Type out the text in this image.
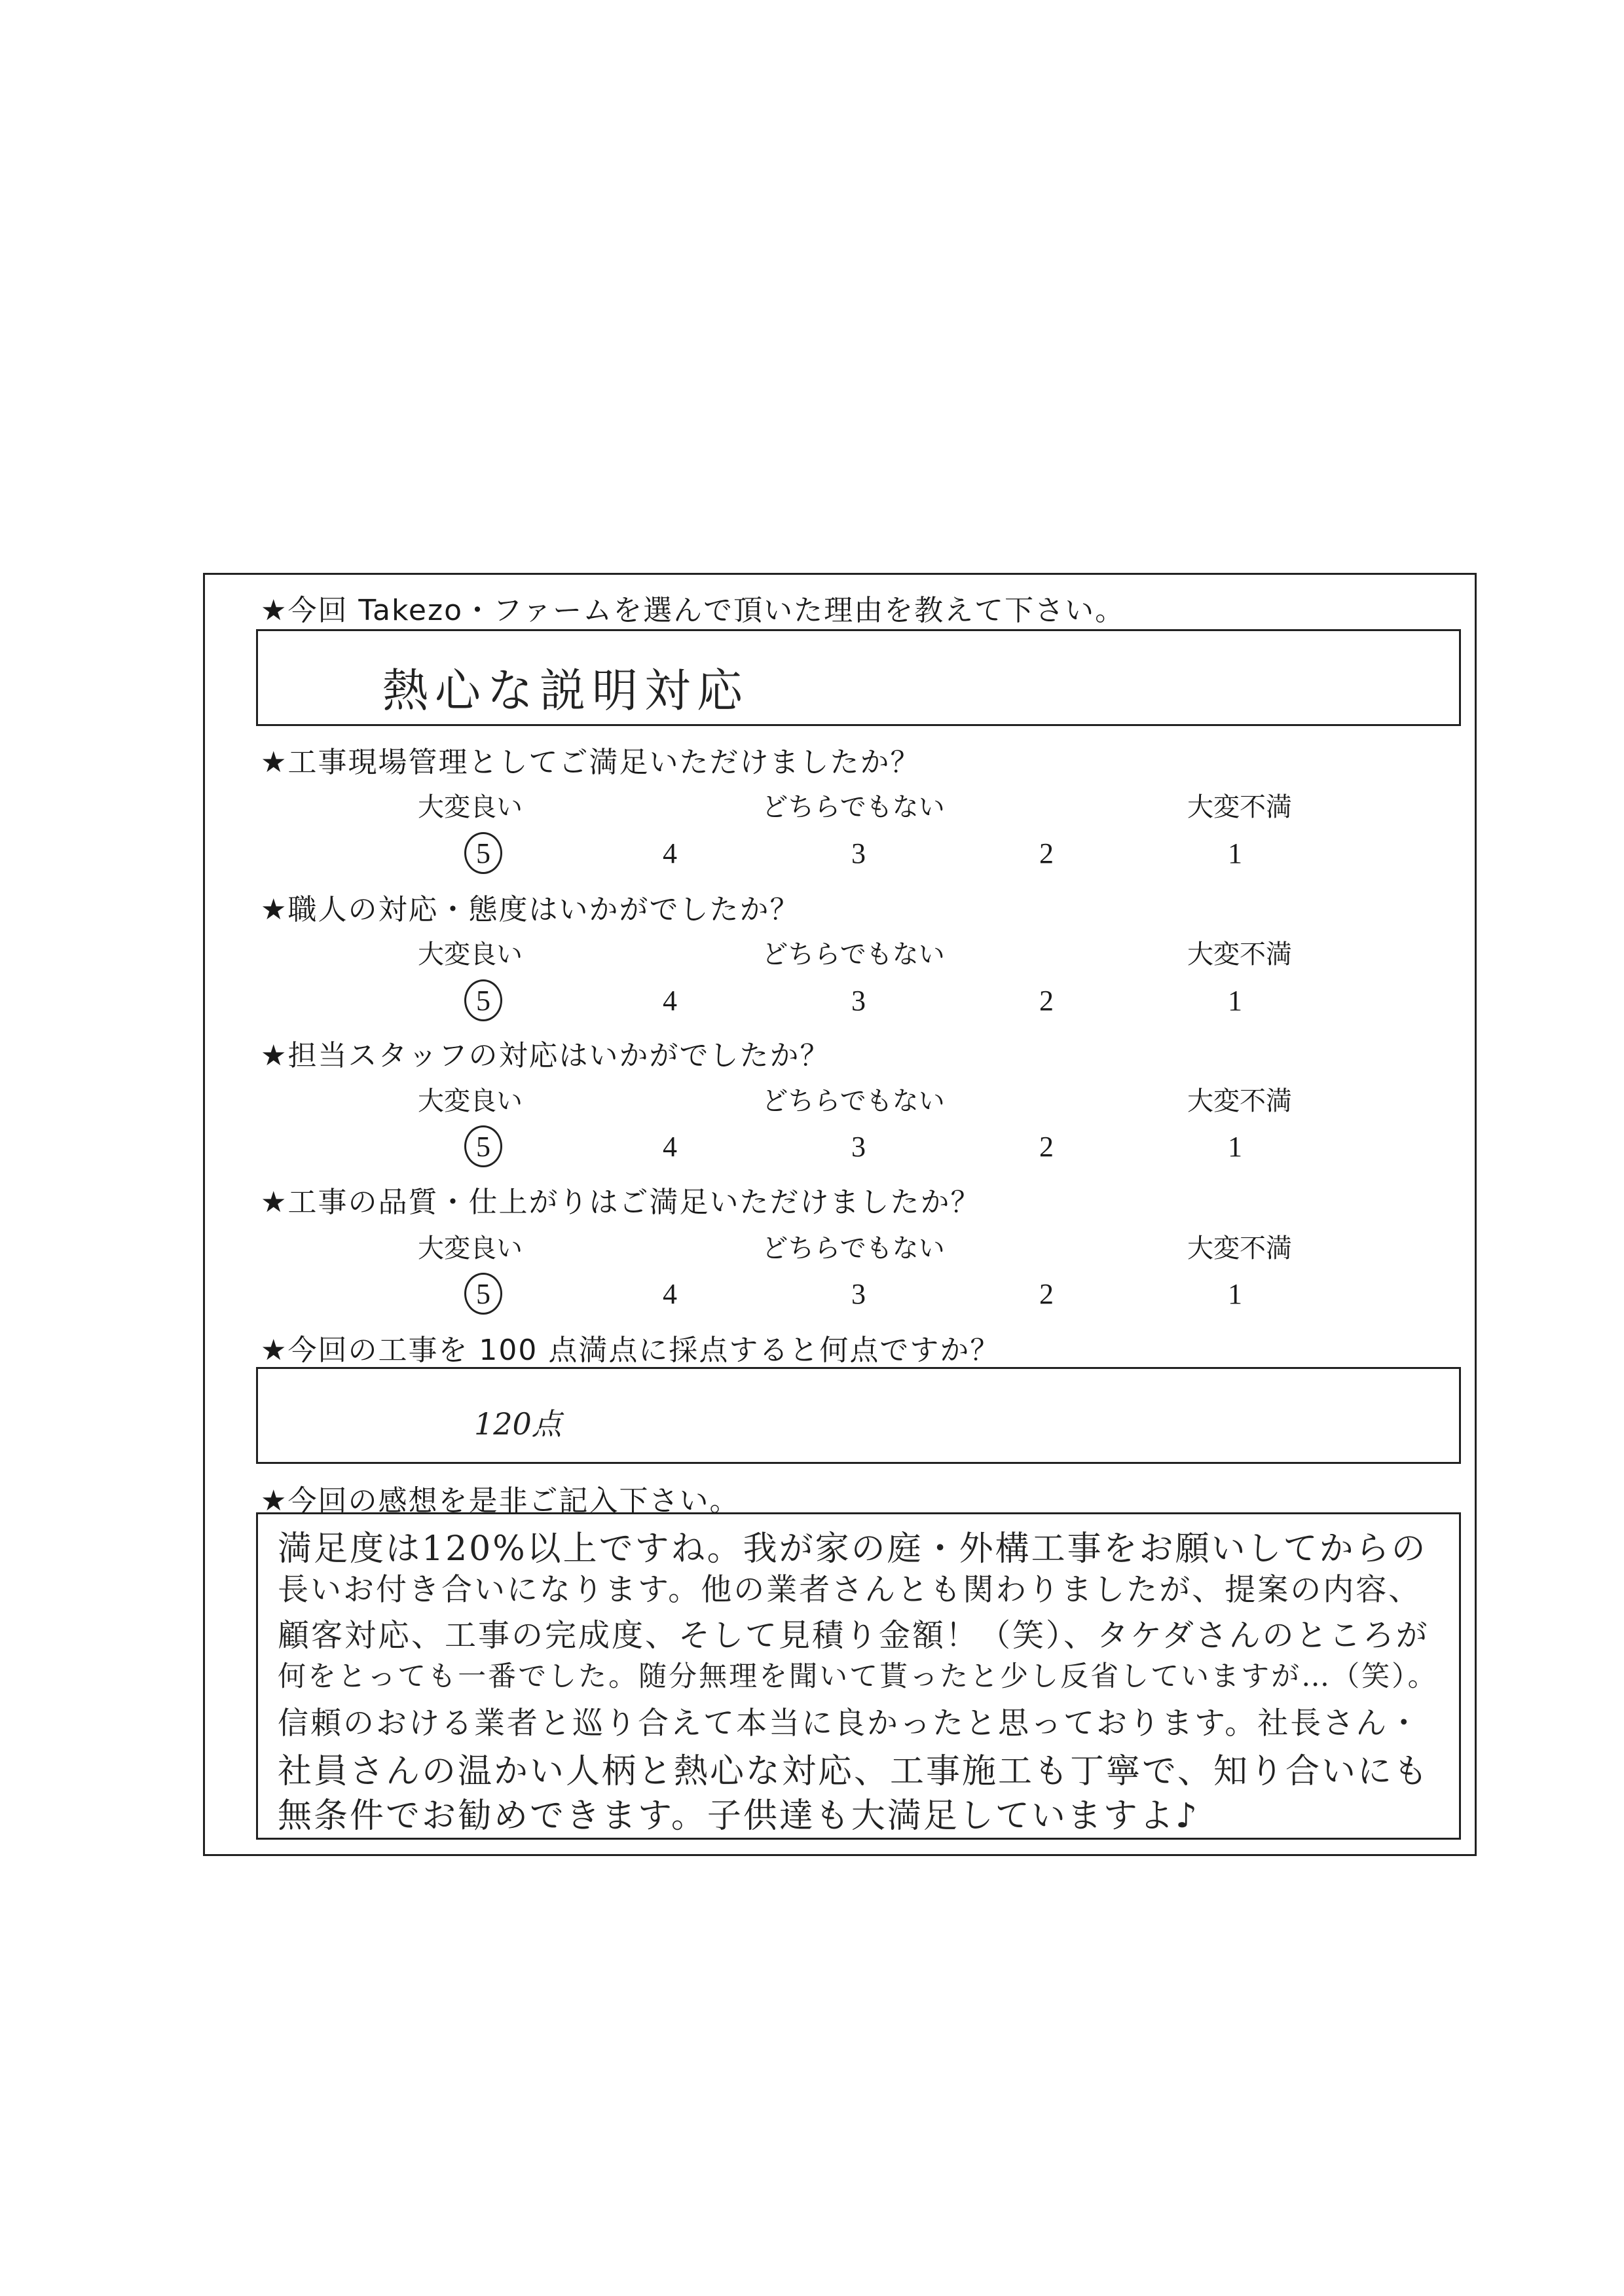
★今回 Takezo・ファームを選んで頂いた理由を教えて下さい。
熱心な説明対応
★工事現場管理としてご満足いただけましたか？
大変良い	どちらでもない	大変不満
5	4	3	2	1
★職人の対応・態度はいかがでしたか？
大変良い	どちらでもない	大変不満
5	4	3	2	1
★担当スタッフの対応はいかがでしたか？
大変良い	どちらでもない	大変不満
5	4	3	2	1
★工事の品質・仕上がりはご満足いただけましたか？
大変良い	どちらでもない	大変不満
5	4	3	2	1
★今回の工事を 100 点満点に採点すると何点ですか？
120点
★今回の感想を是非ご記入下さい。
満足度は120%以上ですね。我が家の庭・外構工事をお願いしてからの
長いお付き合いになります。他の業者さんとも関わりましたが、提案の内容、
顧客対応、工事の完成度、そして見積り金額！（笑）、タケダさんのところが
何をとっても一番でした。随分無理を聞いて貰ったと少し反省していますが…（笑）。
信頼のおける業者と巡り合えて本当に良かったと思っております。社長さん・
社員さんの温かい人柄と熱心な対応、工事施工も丁寧で、知り合いにも
無条件でお勧めできます。子供達も大満足していますよ♪
